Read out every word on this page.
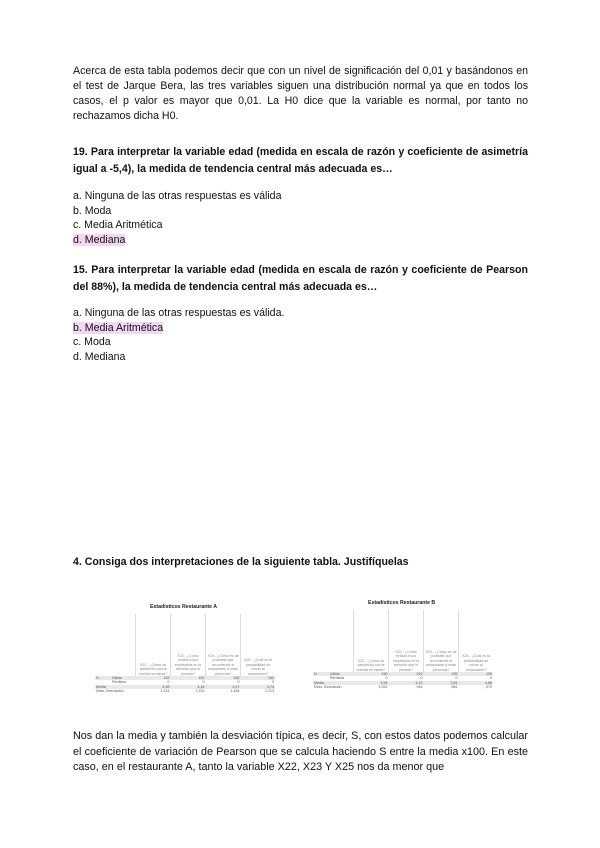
Acerca de esta tabla podemos decir que con un nivel de significación del 0,01 y basándonos en el test de Jarque Bera, las tres variables siguen una distribución normal ya que en todos los casos, el p valor es mayor que 0,01. La H0 dice que la variable es normal, por tanto no rechazamos dicha H0.

19. Para interpretar la variable edad (medida en escala de razón y coeficiente de asimetría igual a -5,4), la medida de tendencia central más adecuada es…

a. Ninguna de las otras respuestas es válida
b. Moda
c. Media Aritmética
d. Mediana

15. Para interpretar la variable edad (medida en escala de razón y coeficiente de Pearson del 88%), la medida de tendencia central más adecuada es…

a. Ninguna de las otras respuestas es válida.
b. Media Aritmética
c. Moda
d. Mediana

4. Consiga dos interpretaciones de la siguiente tabla. Justifíquelas

Estadísticos Restaurante A
		X22 - ¿Cómo de satisfecho con la comida se siente?	X23 - ¿Cómo evalúa a sus empleados en la atención que le prestan?	X24 - ¿Cómo es de probable que recomiende el restaurante a otras personas?	X25 - ¿Cuál es la probabilidad de volver al restaurante?
N	Válido	152	152	152	152
	Perdidos	0	0	0	0
Media		4,35	4,16	4,17	3,74
Desv. Desviación		1,141	1,221	1,464	1,213
Estadísticos Restaurante B
		X22 - ¿Cómo de satisfecho con la comida se siente?	X23 - ¿Cómo evalúa a sus empleados en la atención que le prestan?	X24 - ¿Cómo es de probable que recomiende el restaurante a otras personas?	X25 - ¿Cuál es la probabilidad de volver al restaurante?
N	Válido	150	210	255	150
	Perdidos	0	0	0	0
Media		4,54	4,12	3,81	3,86
Desv. Desviación		1,032	,944	,962	,975

Nos dan la media y también la desviación típica, es decir, S, con estos datos podemos calcular el coeficiente de variación de Pearson que se calcula haciendo S entre la media x100. En este caso, en el restaurante A, tanto la variable X22, X23 Y X25 nos da menor que
